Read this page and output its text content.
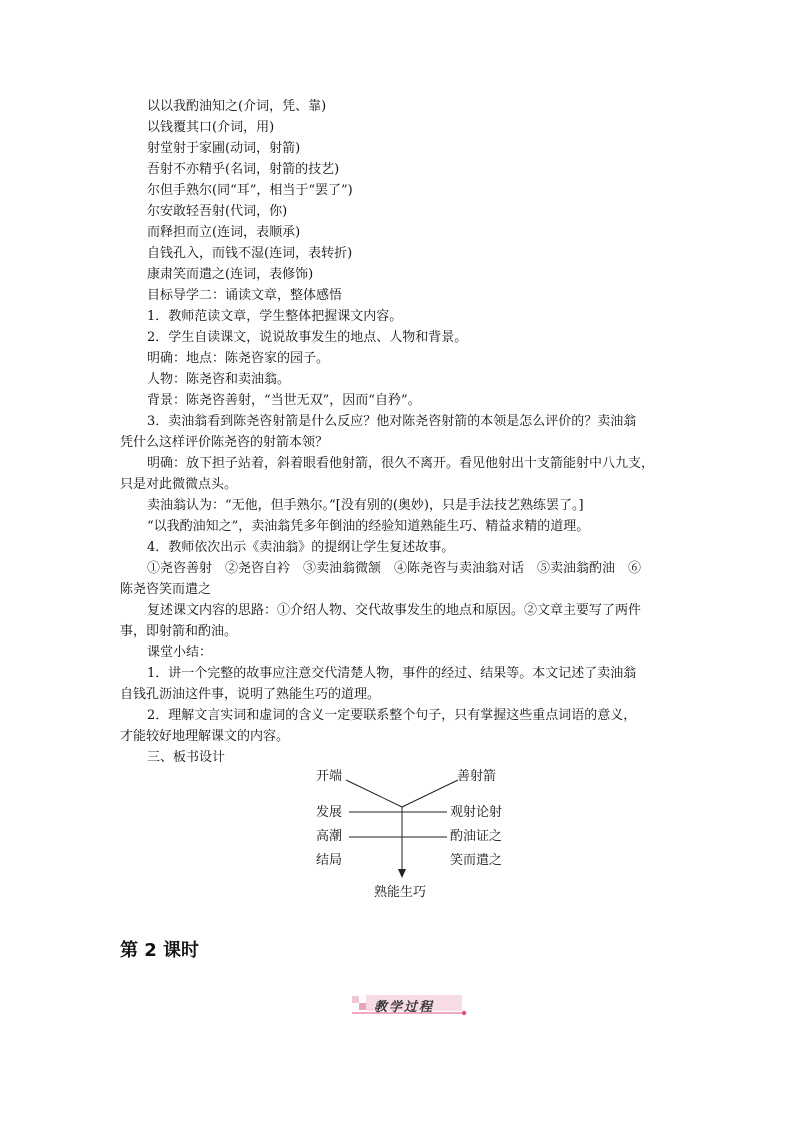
以以我酌油知之(介词，凭、靠)
以钱覆其口(介词，用)
射堂射于家圃(动词，射箭)
吾射不亦精乎(名词，射箭的技艺)
尔但手熟尔(同“耳”，相当于“罢了”)
尔安敢轻吾射(代词，你)
而释担而立(连词，表顺承)
自钱孔入，而钱不湿(连词，表转折)
康肃笑而遣之(连词，表修饰)
目标导学二：诵读文章，整体感悟
1．教师范读文章，学生整体把握课文内容。
2．学生自读课文，说说故事发生的地点、人物和背景。
明确：地点：陈尧咨家的园子。
人物：陈尧咨和卖油翁。
背景：陈尧咨善射，“当世无双”，因而“自矜”。
3．卖油翁看到陈尧咨射箭是什么反应？他对陈尧咨射箭的本领是怎么评价的？卖油翁
凭什么这样评价陈尧咨的射箭本领？
明确：放下担子站着，斜着眼看他射箭，很久不离开。看见他射出十支箭能射中八九支，
只是对此微微点头。
卖油翁认为：“无他，但手熟尔。”[没有别的(奥妙)，只是手法技艺熟练罢了。]
“以我酌油知之”，卖油翁凭多年倒油的经验知道熟能生巧、精益求精的道理。
4．教师依次出示《卖油翁》的提纲让学生复述故事。
①尧咨善射　②尧咨自衿　③卖油翁微颔　④陈尧咨与卖油翁对话　⑤卖油翁酌油　⑥
陈尧咨笑而遣之
复述课文内容的思路：①介绍人物、交代故事发生的地点和原因。②文章主要写了两件
事，即射箭和酌油。
课堂小结：
1．讲一个完整的故事应注意交代清楚人物，事件的经过、结果等。本文记述了卖油翁
自钱孔沥油这件事，说明了熟能生巧的道理。
2．理解文言实词和虚词的含义一定要联系整个句子，只有掌握这些重点词语的意义，
才能较好地理解课文的内容。
三、板书设计
开端
发展
高潮
结局
善射箭
观射论射
酌油证之
笑而遣之
熟能生巧
第 2 课时
教学过程
